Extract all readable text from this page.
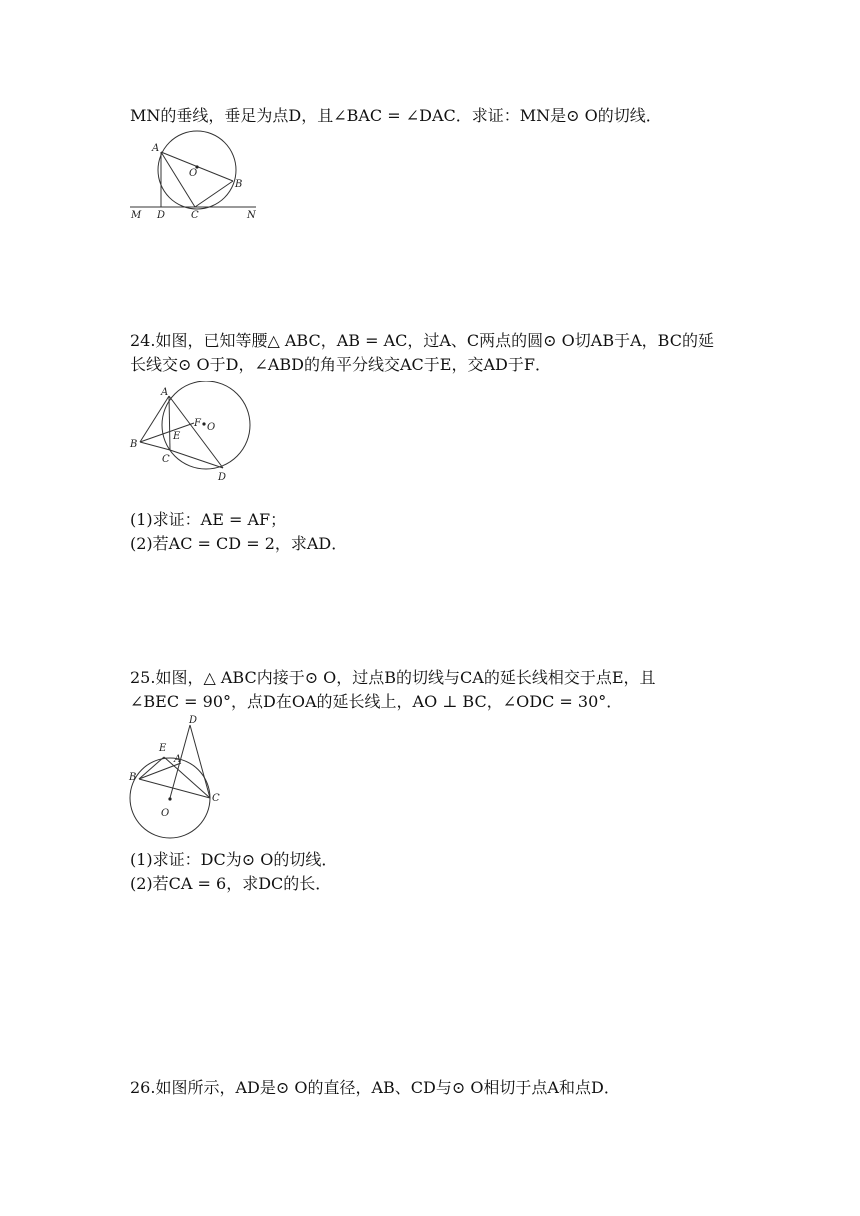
MN的垂线，垂足为点D，且∠BAC = ∠DAC．求证：MN是⊙ O的切线．
A
O
B
M D	C	N
24.如图，已知等腰△ ABC，AB = AC，过A、C两点的圆⊙ O切AB于A，BC的延
长线交⊙ O于D，∠ABD的角平分线交AC于E，交AD于F．
A
F O
B
E
C
D
(1)求证：AE = AF；
(2)若AC = CD = 2，求AD．
25.如图，△ ABC内接于⊙ O，过点B的切线与CA的延长线相交于点E，且
∠BEC = 90°，点D在OA的延长线上，AO ⊥ BC，∠ODC = 30°．
D
E
A
B
C
O
(1)求证：DC为⊙ O的切线．
(2)若CA = 6，求DC的长．
26.如图所示，AD是⊙ O的直径，AB、CD与⊙ O相切于点A和点D．
